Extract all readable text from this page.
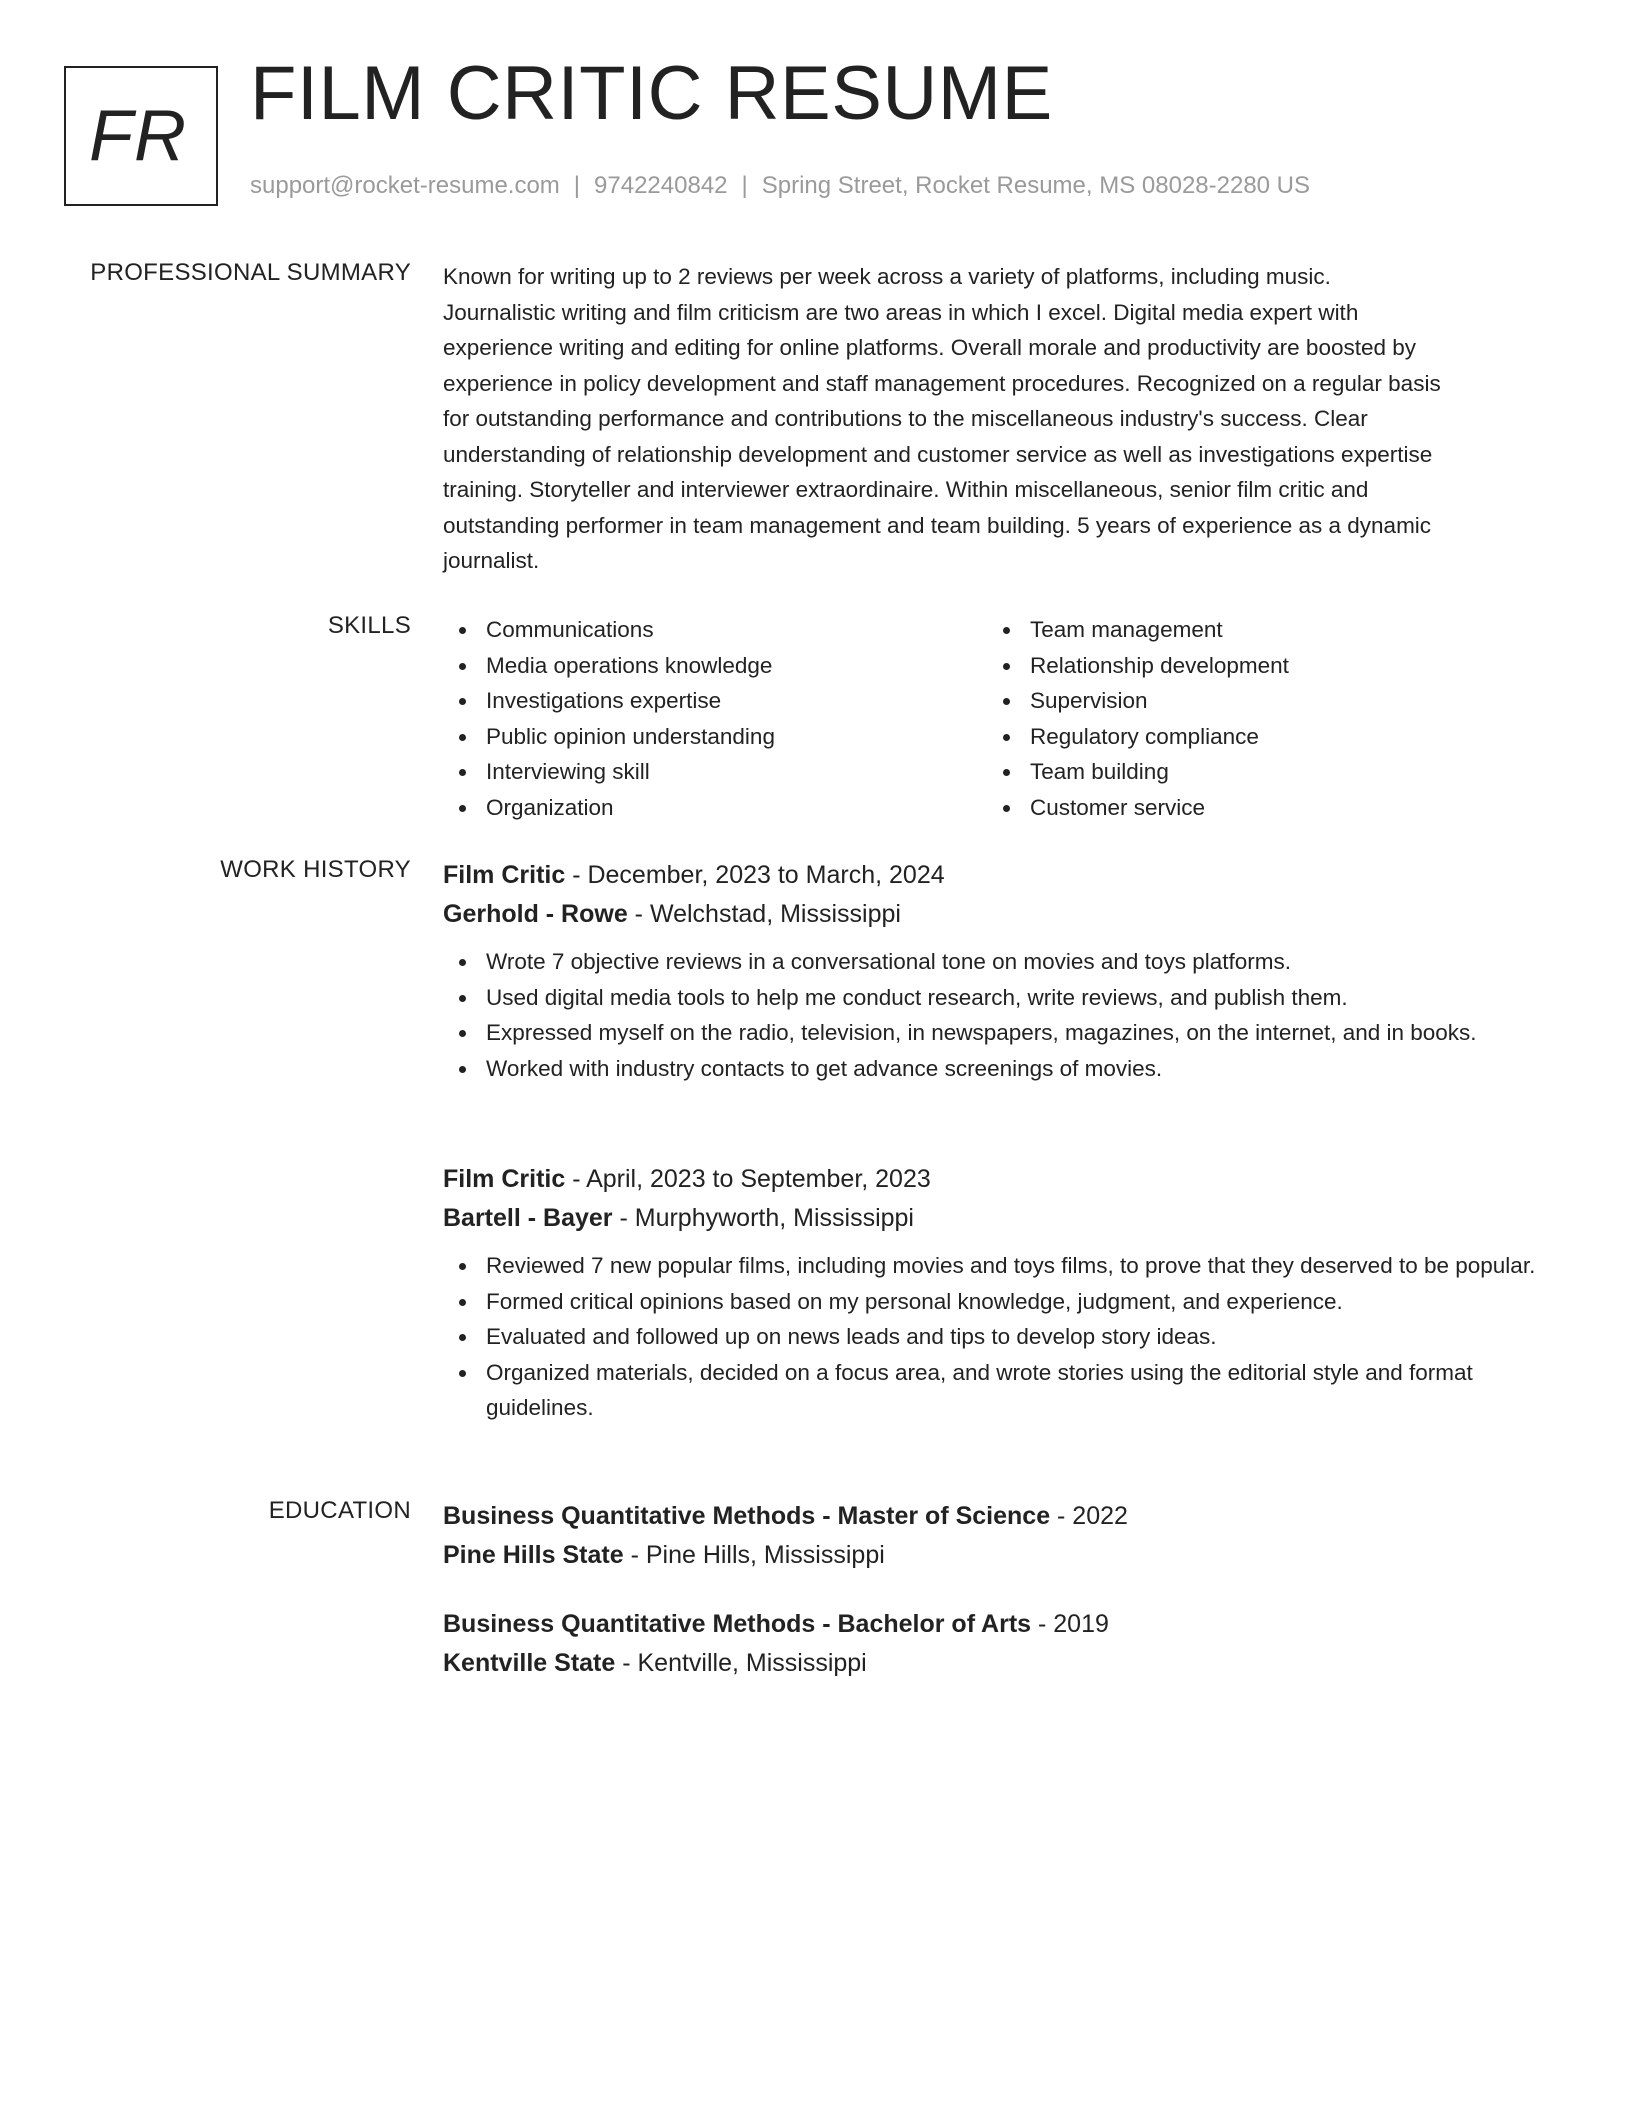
FR FILM CRITIC RESUME
support@rocket-resume.com | 9742240842 | Spring Street, Rocket Resume, MS 08028-2280 US
PROFESSIONAL SUMMARY Known for writing up to 2 reviews per week across a variety of platforms, including music.
Journalistic writing and film criticism are two areas in which I excel. Digital media expert with
experience writing and editing for online platforms. Overall morale and productivity are boosted by
experience in policy development and staff management procedures. Recognized on a regular basis
for outstanding performance and contributions to the miscellaneous industry's success. Clear
understanding of relationship development and customer service as well as investigations expertise
training. Storyteller and interviewer extraordinaire. Within miscellaneous, senior film critic and
outstanding performer in team management and team building. 5 years of experience as a dynamic
journalist.

SKILLS	Communications
Media operations knowledge
Investigations expertise
Public opinion understanding
Interviewing skill
Organization
Team management
Relationship development
Supervision
Regulatory compliance
Team building
Customer service
WORK HISTORY Film Critic - December, 2023 to March, 2024
Gerhold - Rowe - Welchstad, Mississippi
Wrote 7 objective reviews in a conversational tone on movies and toys platforms.
Used digital media tools to help me conduct research, write reviews, and publish them.
Expressed myself on the radio, television, in newspapers, magazines, on the internet, and in books.
Worked with industry contacts to get advance screenings of movies.
Film Critic - April, 2023 to September, 2023
Bartell - Bayer - Murphyworth, Mississippi
Reviewed 7 new popular films, including movies and toys films, to prove that they deserved to be popular.
Formed critical opinions based on my personal knowledge, judgment, and experience.
Evaluated and followed up on news leads and tips to develop story ideas.
Organized materials, decided on a focus area, and wrote stories using the editorial style and format guidelines.
EDUCATION Business Quantitative Methods - Master of Science - 2022
Pine Hills State - Pine Hills, Mississippi
Business Quantitative Methods - Bachelor of Arts - 2019
Kentville State - Kentville, Mississippi
